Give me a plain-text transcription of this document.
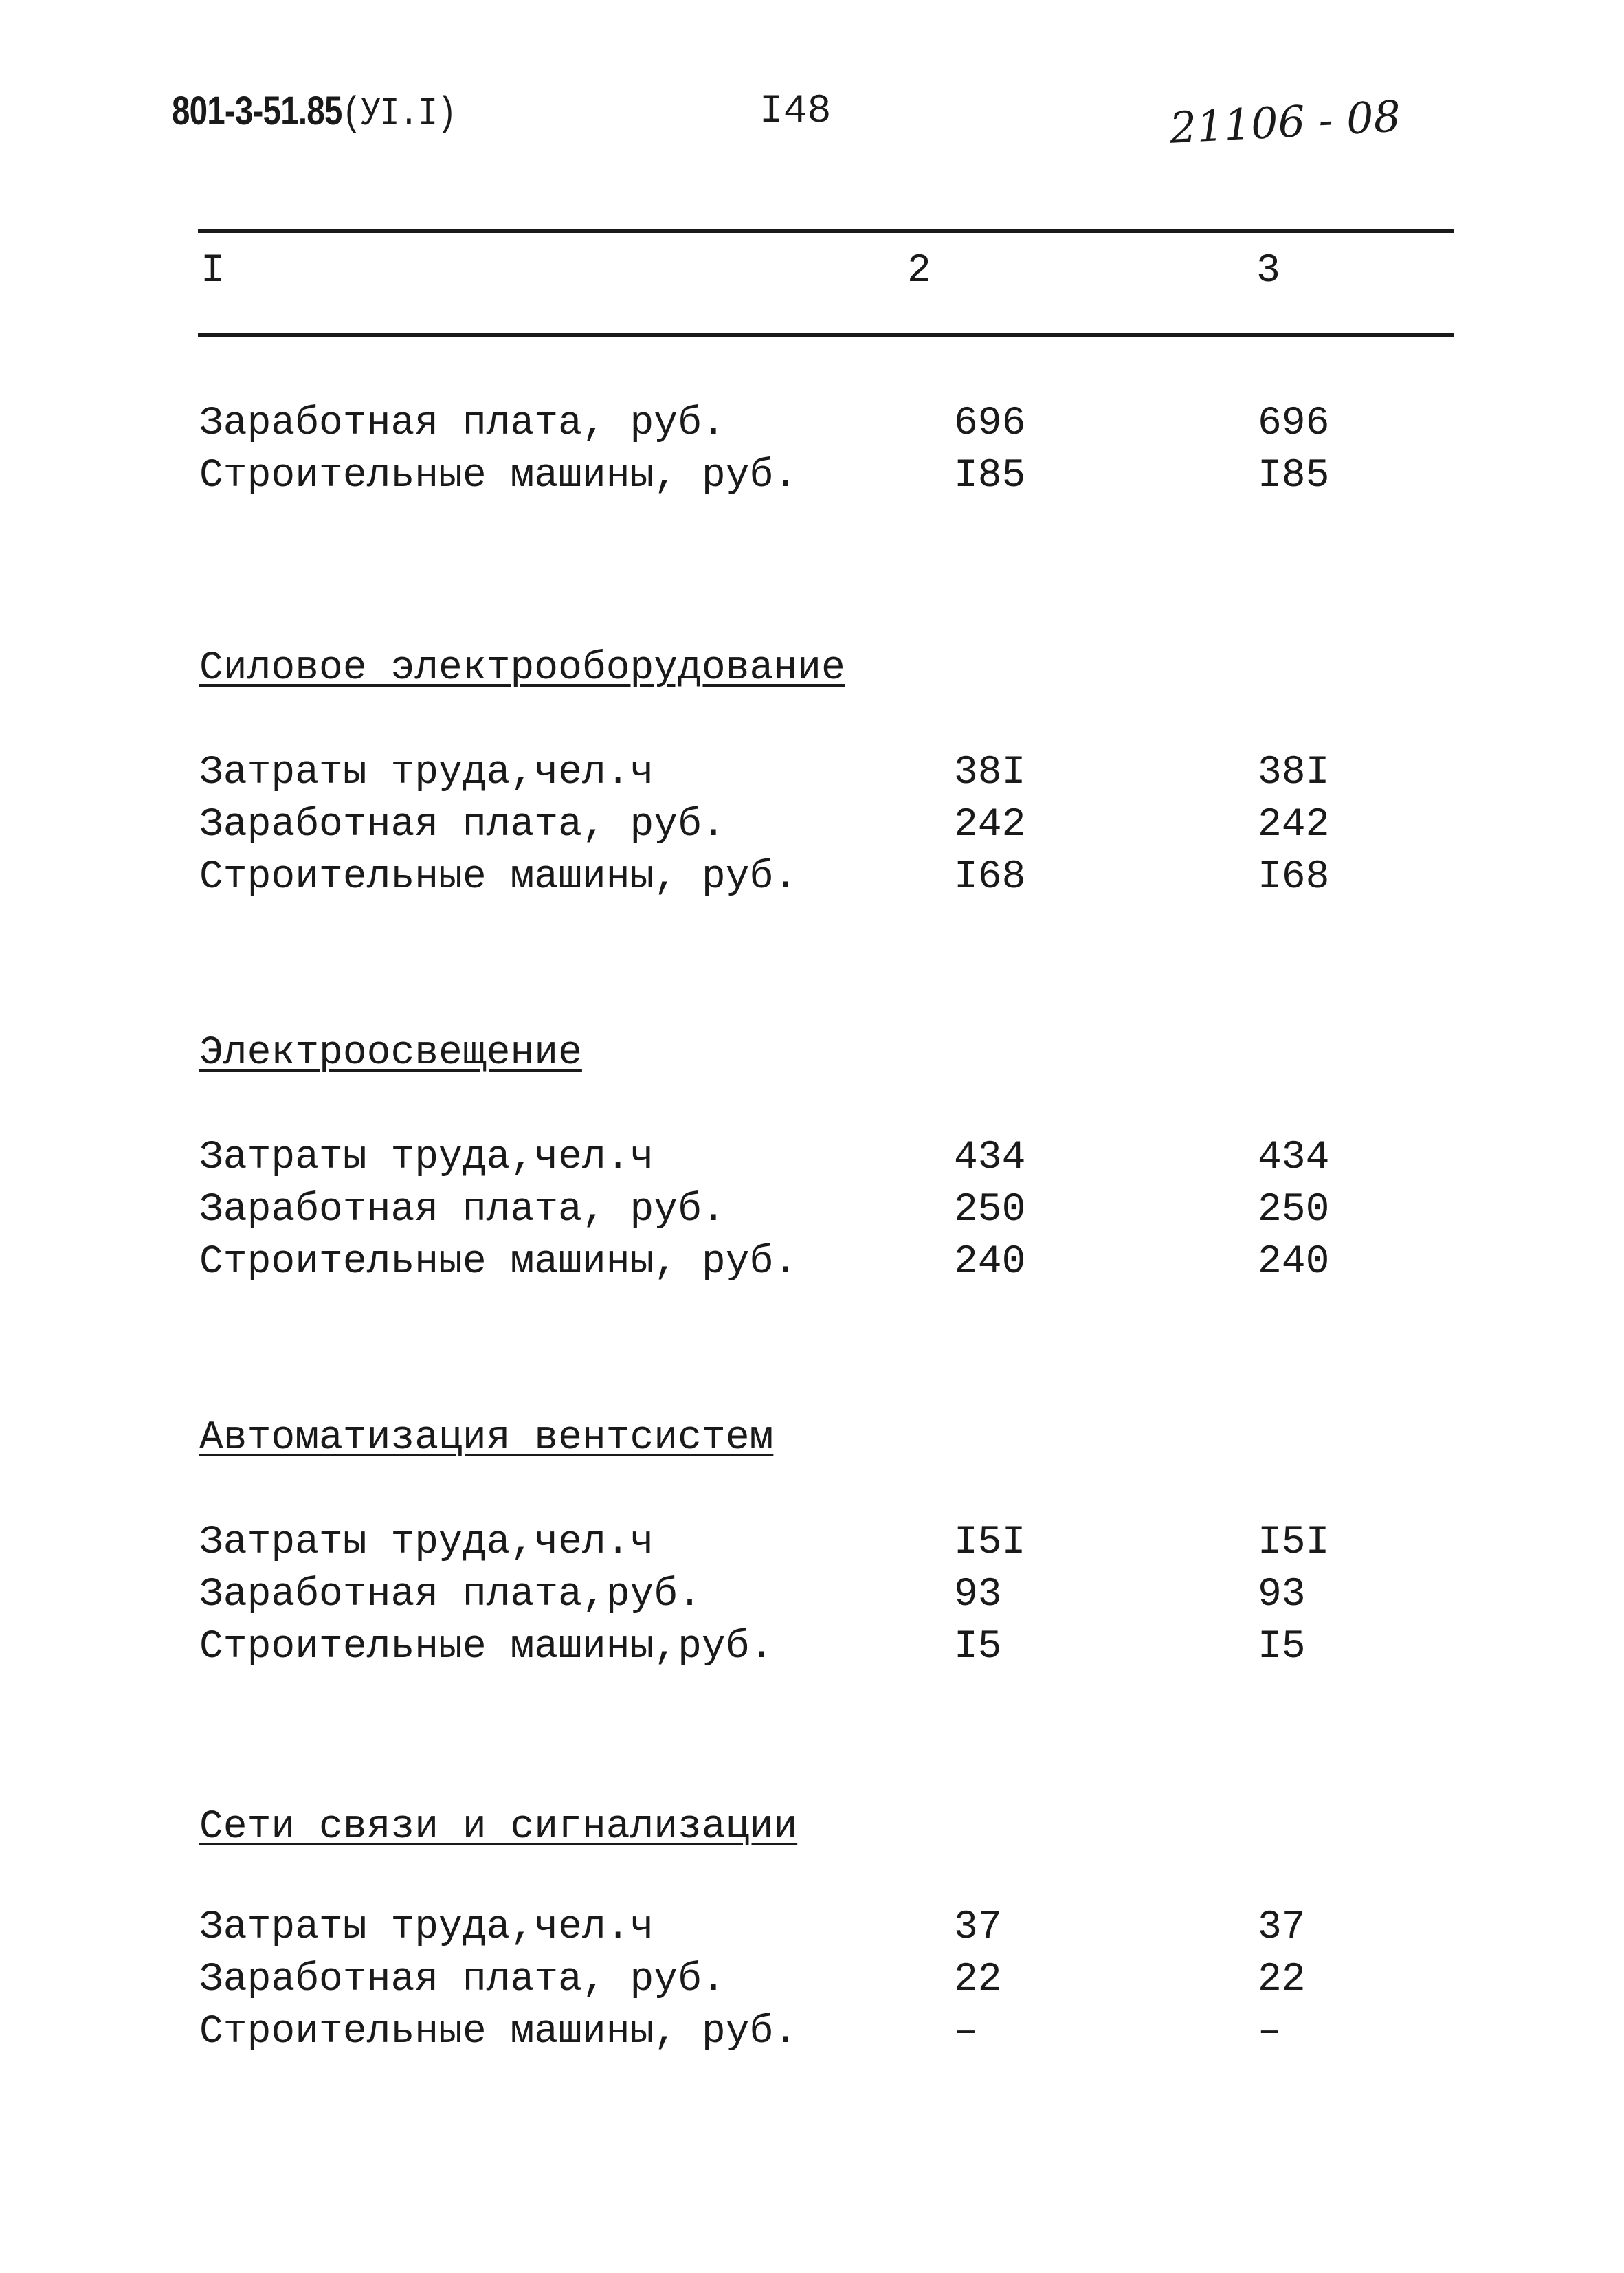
801-3-51.85(УI.I)	I48	21106 - 08
I	2	3
Заработная плата, руб.	696	696
Строительные машины, руб.	I85	I85
Силовое электрооборудование
Затраты труда,чел.ч	38I	38I
Заработная плата, руб.	242	242
Строительные машины, руб.	I68	I68
Электроосвещение
Затраты труда,чел.ч	434	434
Заработная плата, руб.	250	250
Строительные машины, руб.	240	240
Автоматизация вентсистем
Затраты труда,чел.ч	I5I	I5I
Заработная плата,руб.	93	93
Строительные машины,руб.	I5	I5
Сети связи и сигнализации
Затраты труда,чел.ч	37	37
Заработная плата, руб.	22	22
Строительные машины, руб.	–	–
